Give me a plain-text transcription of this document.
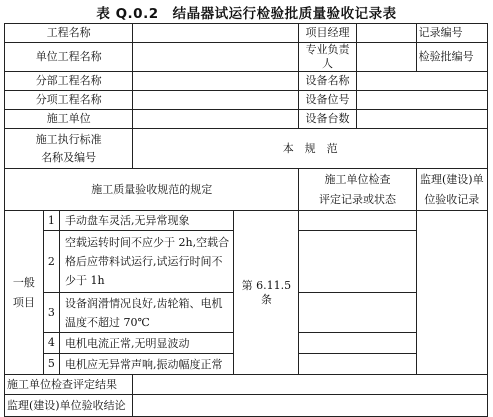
表 Q.0.2　结晶器试运行检验批质量验收记录表
工程名称					项目经理		记录编号
单位工程名称					专业负责人		检验批编号
分部工程名称					设备名称		
分项工程名称					设备位号		
施工单位					设备台数		
施工执行标准
名称及编号			本　规　范				
施工质量验收规范的规定					施工单位检查
评定记录或状态		监理(建设)单
位验收记录
一般
项目	1	手动盘车灵活,无异常现象		第 6.11.5 条			
	2	空载运转时间不应少于 2h,空载合格后应带料试运行,试运行时间不少于 1h					
	3	设备润滑情况良好,齿轮箱、电机温度不超过 70℃					
	4	电机电流正常,无明显波动					
	5	电机应无异常声响,振动幅度正常					
施工单位检查评定结果							
监理(建设)单位验收结论							
